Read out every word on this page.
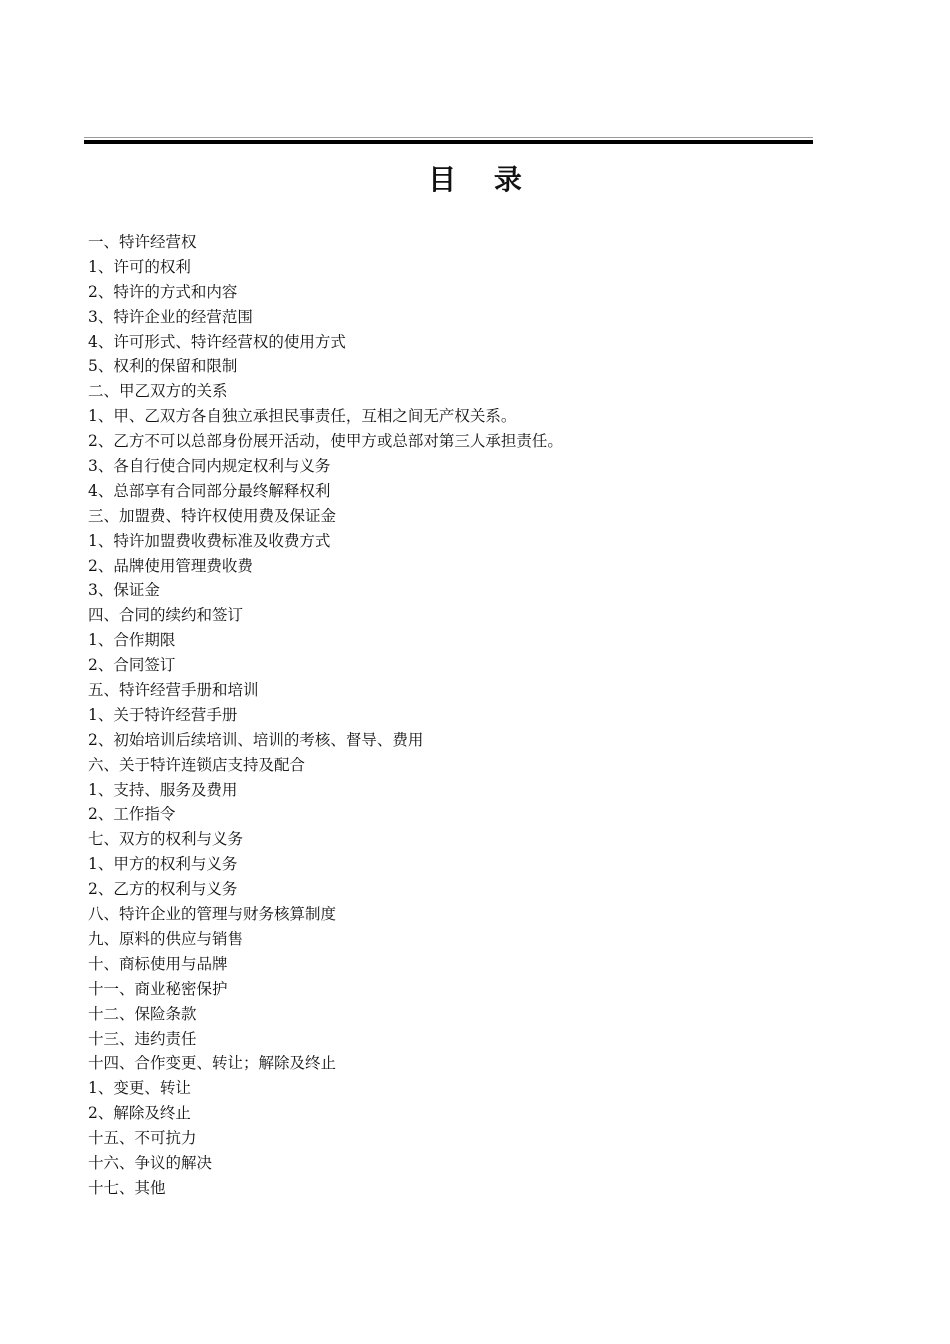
目 录
一、特许经营权
1、许可的权利
2、特许的方式和内容
3、特许企业的经营范围
4、许可形式、特许经营权的使用方式
5、权利的保留和限制
二、甲乙双方的关系
1、甲、乙双方各自独立承担民事责任，互相之间无产权关系。
2、乙方不可以总部身份展开活动，使甲方或总部对第三人承担责任。
3、各自行使合同内规定权利与义务
4、总部享有合同部分最终解释权利
三、加盟费、特许权使用费及保证金
1、特许加盟费收费标准及收费方式
2、品牌使用管理费收费
3、保证金
四、合同的续约和签订
1、合作期限
2、合同签订
五、特许经营手册和培训
1、关于特许经营手册
2、初始培训后续培训、培训的考核、督导、费用
六、关于特许连锁店支持及配合
1、支持、服务及费用
2、工作指令
七、双方的权利与义务
1、甲方的权利与义务
2、乙方的权利与义务
八、特许企业的管理与财务核算制度
九、原料的供应与销售
十、商标使用与品牌
十一、商业秘密保护
十二、保险条款
十三、违约责任
十四、合作变更、转让；解除及终止
1、变更、转让
2、解除及终止
十五、不可抗力
十六、争议的解决
十七、其他
